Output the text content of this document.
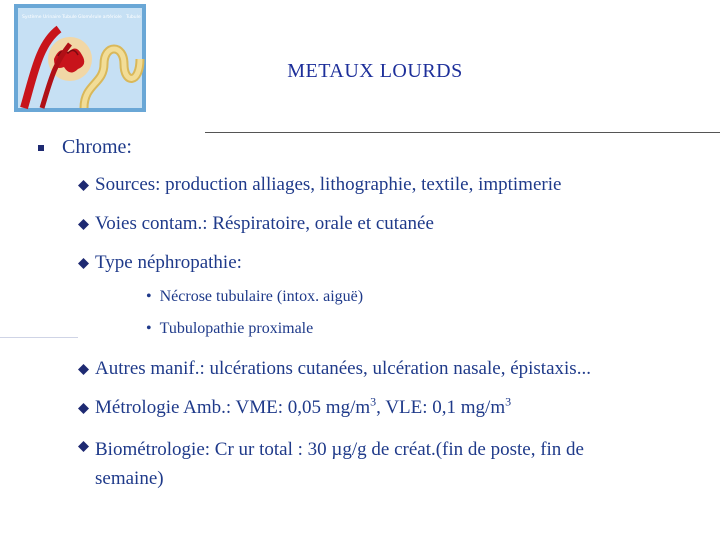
Système Urinaire Tubule Glomérule artériole Tubule
METAUX LOURDS
Chrome:
Sources: production alliages, lithographie, textile, imptimerie
Voies contam.: Réspiratoire, orale et cutanée
Type néphropathie:
• Nécrose tubulaire (intox. aiguë)
• Tubulopathie proximale
Autres manif.: ulcérations cutanées, ulcération nasale, épistaxis...
Métrologie Amb.: VME: 0,05 $mg/m^3$, VLE: 0,1 $mg/m^3$
Biométrologie: Cr ur total : 30 µg/g de créat.(fin de poste, fin de
semaine)
